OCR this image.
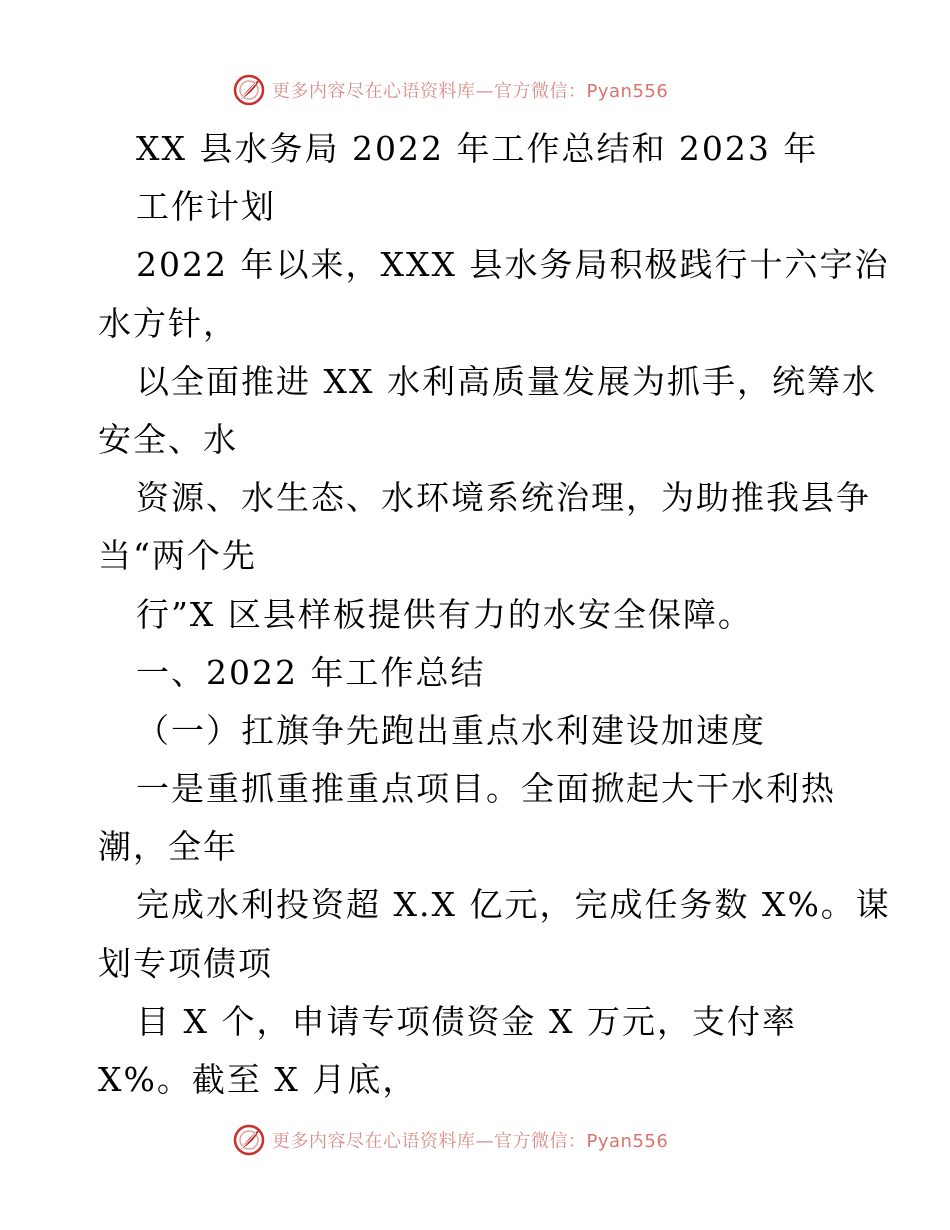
更多内容尽在心语资料库—官方微信：Pyan556
XX 县水务局 2022 年工作总结和 2023 年
工作计划
2022 年以来，XXX 县水务局积极践行十六字治
水方针，
以全面推进 XX 水利高质量发展为抓手，统筹水
安全、水
资源、水生态、水环境系统治理，为助推我县争
当“两个先
行”X 区县样板提供有力的水安全保障。
一、2022 年工作总结
（一）扛旗争先跑出重点水利建设加速度
一是重抓重推重点项目。全面掀起大干水利热
潮，全年
完成水利投资超 X.X 亿元，完成任务数 X%。谋
划专项债项
目 X 个，申请专项债资金 X 万元，支付率
X%。截至 X 月底，
更多内容尽在心语资料库—官方微信：Pyan556
